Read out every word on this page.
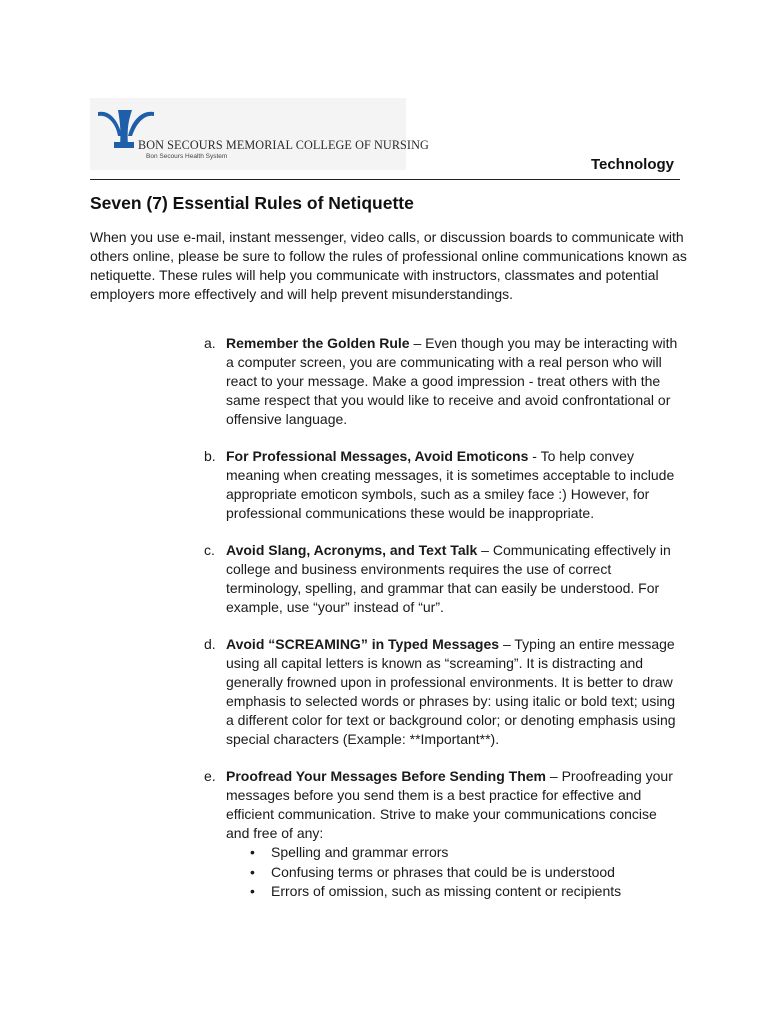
BON SECOURS MEMORIAL COLLEGE OF NURSING
Bon Secours Health System	Technology
Seven (7) Essential Rules of Netiquette

When you use e-mail, instant messenger, video calls, or discussion boards to communicate with others online, please be sure to follow the rules of professional online communications known as netiquette. These rules will help you communicate with instructors, classmates and potential employers more effectively and will help prevent misunderstandings.

a. Remember the Golden Rule – Even though you may be interacting with a computer screen, you are communicating with a real person who will react to your message. Make a good impression - treat others with the same respect that you would like to receive and avoid confrontational or offensive language.
b. For Professional Messages, Avoid Emoticons - To help convey meaning when creating messages, it is sometimes acceptable to include appropriate emoticon symbols, such as a smiley face :) However, for professional communications these would be inappropriate.
c. Avoid Slang, Acronyms, and Text Talk – Communicating effectively in college and business environments requires the use of correct terminology, spelling, and grammar that can easily be understood. For example, use “your” instead of “ur”.
d. Avoid “SCREAMING” in Typed Messages – Typing an entire message using all capital letters is known as “screaming”. It is distracting and generally frowned upon in professional environments. It is better to draw emphasis to selected words or phrases by: using italic or bold text; using a different color for text or background color; or denoting emphasis using special characters (Example: **Important**).
e. Proofread Your Messages Before Sending Them – Proofreading your messages before you send them is a best practice for effective and efficient communication. Strive to make your communications concise and free of any:
• Spelling and grammar errors
• Confusing terms or phrases that could be is understood
• Errors of omission, such as missing content or recipients
